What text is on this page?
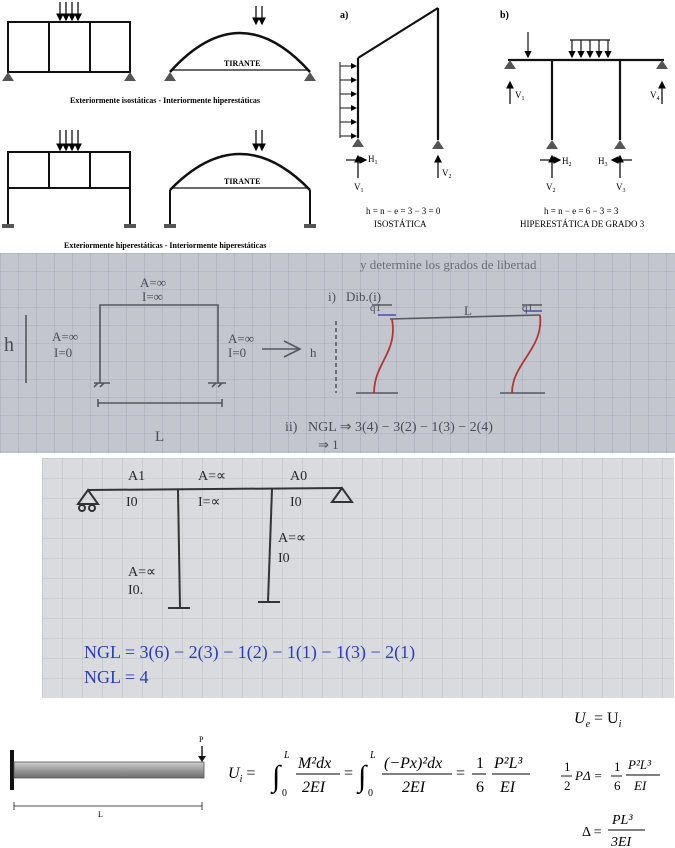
TIRANTE
Exteriormente isostáticas - Interiormente hiperestáticas
TIRANTE
Exteriormente hiperestáticas - Interiormente hiperestáticas
a)
$H_1$
$V_1$
$V_2$
h = n − e = 3 − 3 = 0
ISOSTÁTICA
b)
$V_1$	$V_4$
$H_2$	$H_3$
$V_2$	$V_3$
h = n − e = 6 − 3 = 3
HIPERESTÁTICA DE GRADO 3
y determine los grados de libertad
A=∞
I=∞
A=∞
I=0
A=∞
I=0
h	h
L
i) Dib.(i)
q1	q1
L
ii) NGL ⇒ 3(4) − 3(2) − 1(3) − 2(4)
⇒ 1
A1
I0
A=∝
I=∝
A0
I0
A=∝
I0.
A=∝
I0
NGL = 3(6) − 2(3) − 1(2) − 1(1) − 1(3) − 2(1)
NGL = 4
P
L
$U_e = U_i$
$U_i$ = ∫
L
0
M²dx
2EI
= ∫
L
0
(−Px)²dx
2EI
=
1
6
P²L³
EI
1
2
PΔ =
1
6
P²L³
EI
Δ =
PL³
3EI
